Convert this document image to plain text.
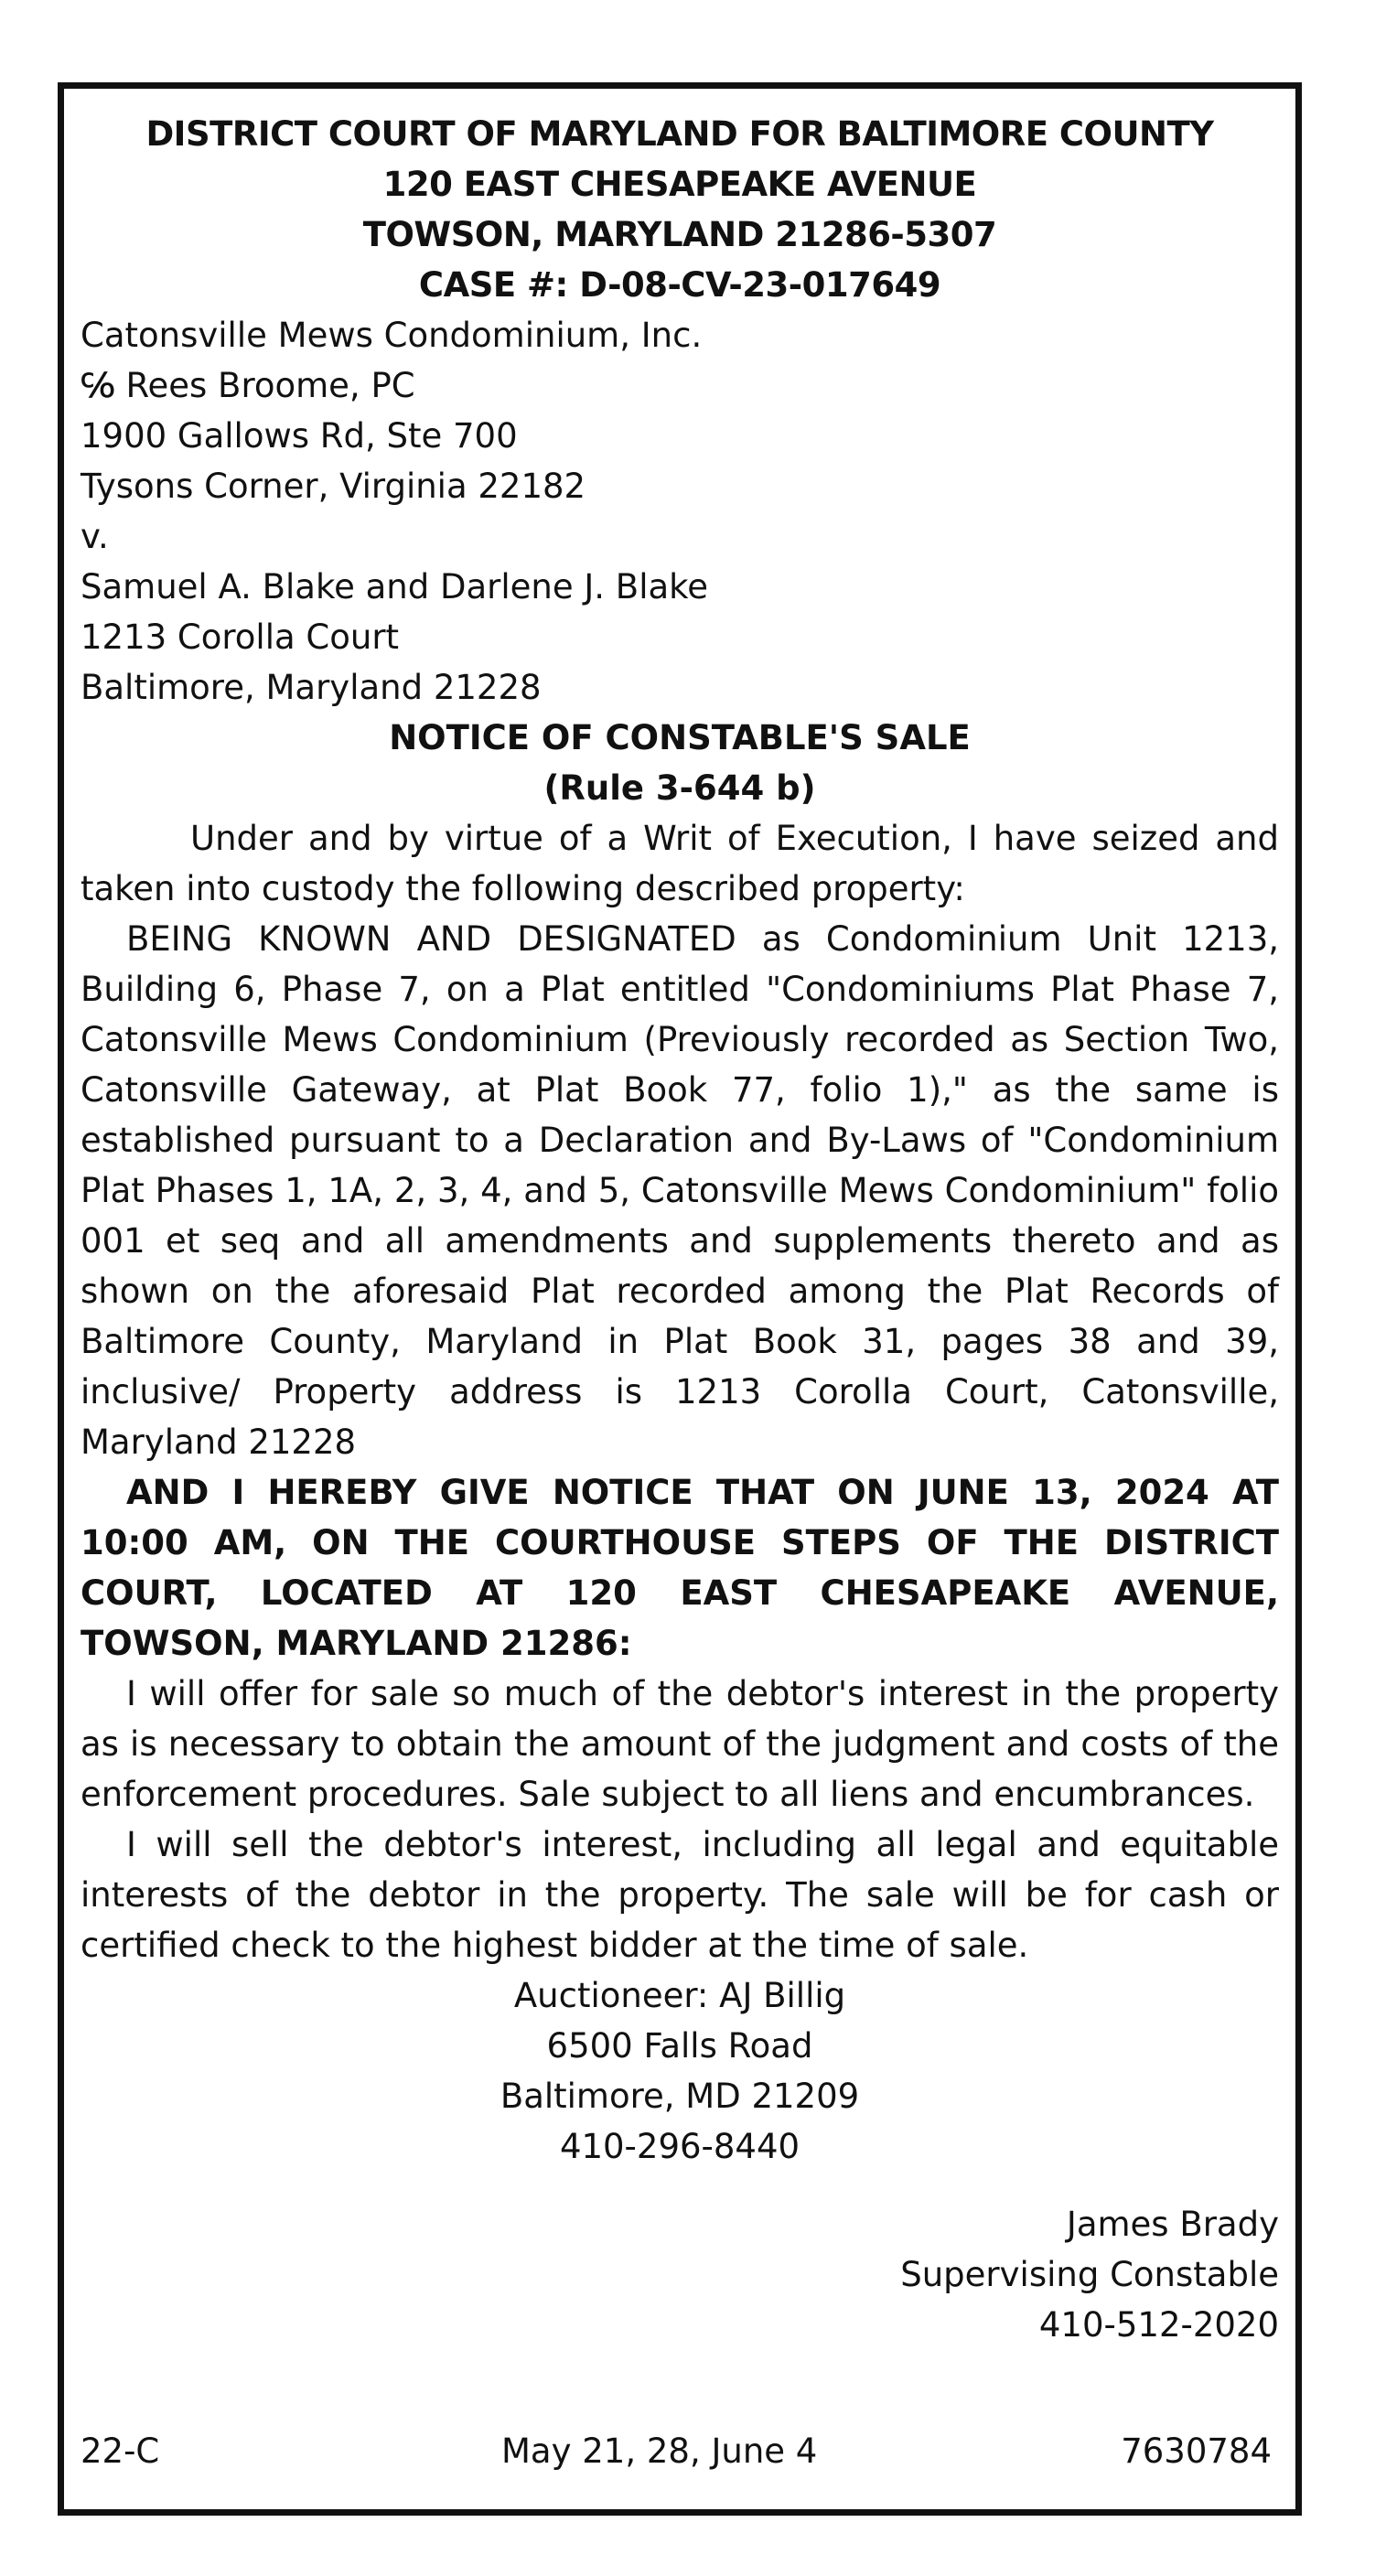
DISTRICT COURT OF MARYLAND FOR BALTIMORE COUNTY
120 EAST CHESAPEAKE AVENUE
TOWSON, MARYLAND 21286-5307
CASE #: D-08-CV-23-017649
Catonsville Mews Condominium, Inc.
℅ Rees Broome, PC
1900 Gallows Rd, Ste 700
Tysons Corner, Virginia 22182
v.
Samuel A. Blake and Darlene J. Blake
1213 Corolla Court
Baltimore, Maryland 21228
NOTICE OF CONSTABLE'S SALE
(Rule 3-644 b)
Under and by virtue of a Writ of Execution, I have seized and taken into custody the following described property:
BEING KNOWN AND DESIGNATED as Condominium Unit 1213, Building 6, Phase 7, on a Plat entitled "Condominiums Plat Phase 7, Catonsville Mews Condominium (Previously recorded as Section Two, Catonsville Gateway, at Plat Book 77, folio 1)," as the same is established pursuant to a Declaration and By-Laws of "Condominium Plat Phases 1, 1A, 2, 3, 4, and 5, Catonsville Mews Condominium" folio 001 et seq and all amendments and supplements thereto and as shown on the aforesaid Plat recorded among the Plat Records of Baltimore County, Maryland in Plat Book 31, pages 38 and 39, inclusive/ Property address is 1213 Corolla Court, Catonsville, Maryland 21228
AND I HEREBY GIVE NOTICE THAT ON JUNE 13, 2024 AT 10:00 AM, ON THE COURTHOUSE STEPS OF THE DISTRICT COURT, LOCATED AT 120 EAST CHESAPEAKE AVENUE, TOWSON, MARYLAND 21286:
I will offer for sale so much of the debtor's interest in the property as is necessary to obtain the amount of the judgment and costs of the enforcement procedures. Sale subject to all liens and encumbrances.
I will sell the debtor's interest, including all legal and equitable interests of the debtor in the property. The sale will be for cash or certified check to the highest bidder at the time of sale.
Auctioneer: AJ Billig
6500 Falls Road
Baltimore, MD 21209
410-296-8440
James Brady
Supervising Constable
410-512-2020
22-C	May 21, 28, June 4	7630784
